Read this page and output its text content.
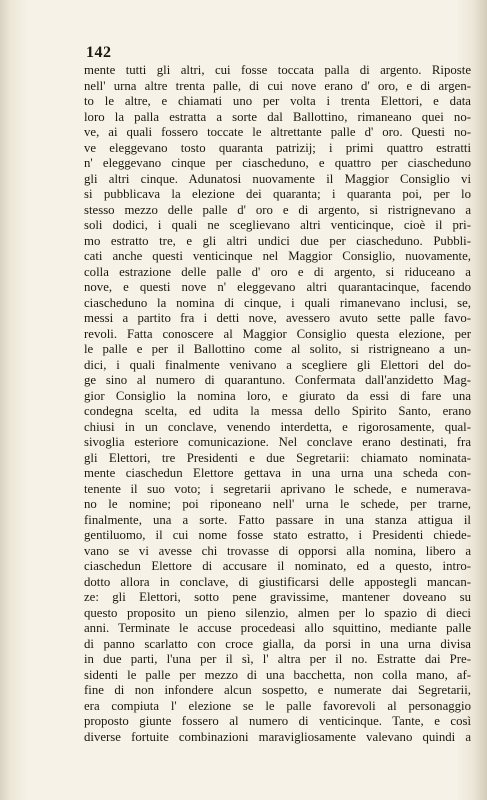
142
mente tutti gli altri, cui fosse toccata palla di argento. Riposte
nell' urna altre trenta palle, di cui nove erano d' oro, e di argen-
to le altre, e chiamati uno per volta i trenta Elettori, e data
loro la palla estratta a sorte dal Ballottino, rimaneano quei no-
ve, ai quali fossero toccate le altrettante palle d' oro. Questi no-
ve eleggevano tosto quaranta patrizij; i primi quattro estratti
n' eleggevano cinque per ciascheduno, e quattro per ciascheduno
gli altri cinque. Adunatosi nuovamente il Maggior Consiglio vi
si pubblicava la elezione dei quaranta; i quaranta poi, per lo
stesso mezzo delle palle d' oro e di argento, si ristrignevano a
soli dodici, i quali ne sceglievano altri venticinque, cioè il pri-
mo estratto tre, e gli altri undici due per ciascheduno. Pubbli-
cati anche questi venticinque nel Maggior Consiglio, nuovamente,
colla estrazione delle palle d' oro e di argento, si riduceano a
nove, e questi nove n' eleggevano altri quarantacinque, facendo
ciascheduno la nomina di cinque, i quali rimanevano inclusi, se,
messi a partito fra i detti nove, avessero avuto sette palle favo-
revoli. Fatta conoscere al Maggior Consiglio questa elezione, per
le palle e per il Ballottino come al solito, si ristrigneano a un-
dici, i quali finalmente venivano a scegliere gli Elettori del do-
ge sino al numero di quarantuno. Confermata dall'anzidetto Mag-
gior Consiglio la nomina loro, e giurato da essi di fare una
condegna scelta, ed udita la messa dello Spirito Santo, erano
chiusi in un conclave, venendo interdetta, e rigorosamente, qual-
sivoglia esteriore comunicazione. Nel conclave erano destinati, fra
gli Elettori, tre Presidenti e due Segretarii: chiamato nominata-
mente ciaschedun Elettore gettava in una urna una scheda con-
tenente il suo voto; i segretarii aprivano le schede, e numerava-
no le nomine; poi riponeano nell' urna le schede, per trarne,
finalmente, una a sorte. Fatto passare in una stanza attigua il
gentiluomo, il cui nome fosse stato estratto, i Presidenti chiede-
vano se vi avesse chi trovasse di opporsi alla nomina, libero a
ciaschedun Elettore di accusare il nominato, ed a questo, intro-
dotto allora in conclave, di giustificarsi delle appostegli mancan-
ze: gli Elettori, sotto pene gravissime, mantener doveano su
questo proposito un pieno silenzio, almen per lo spazio di dieci
anni. Terminate le accuse procedeasi allo squittino, mediante palle
di panno scarlatto con croce gialla, da porsi in una urna divisa
in due parti, l'una per il sì, l' altra per il no. Estratte dai Pre-
sidenti le palle per mezzo di una bacchetta, non colla mano, af-
fine di non infondere alcun sospetto, e numerate dai Segretarii,
era compiuta l' elezione se le palle favorevoli al personaggio
proposto giunte fossero al numero di venticinque. Tante, e così
diverse fortuite combinazioni maravigliosamente valevano quindi a
